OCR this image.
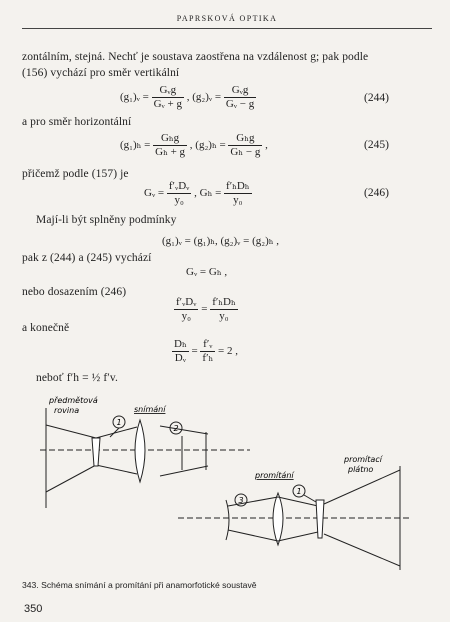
PAPRSKOVÁ OPTIKA
zontálním, stejná. Nechť je soustava zaostřena na vzdálenost g; pak podle
(156) vychází pro směr vertikální
(g₁)ᵥ = $\frac{\text{Gᵥg}}{\text{Gᵥ + g}}$ , (g₂)ᵥ = $\frac{\text{Gᵥg}}{\text{Gᵥ − g}}$	(244)
a pro směr horizontální
$(g_1)_h = \frac{\text{Gₕg}}{\text{Gₕ + g}}$ , $(g_2)_h = \frac{\text{Gₕg}}{\text{Gₕ − g}}$ ,	(245)
přičemž podle (157) je
Gᵥ = $\frac{\text{f′ᵥDᵥ}}{\text{y₀}}$ , $G_h = \frac{\text{f′ₕDₕ}}{\text{y₀}}$	(246)
Mají-li být splněny podmínky
(g₁)ᵥ = (g₁)ₕ, (g₂)ᵥ = (g₂)ₕ ,
pak z (244) a (245) vychází
Gᵥ = Gₕ ,
nebo dosazením (246)
$\frac{\text{f′ᵥDᵥ}}{\text{y₀}} = \frac{\text{f′ₕDₕ}}{\text{y₀}}$
a konečně
$\frac{\text{Dₕ}}{\text{Dᵥ}} = \frac{\text{f′ᵥ}}{\text{f′ₕ}} = 2$ ,
neboť f′h = ½ f′v.
předmětová
rovina	snímání
promítání
promítací
plátno
1
2
3
1
343. Schéma snímání a promítání při anamorfotické soustavě
350
